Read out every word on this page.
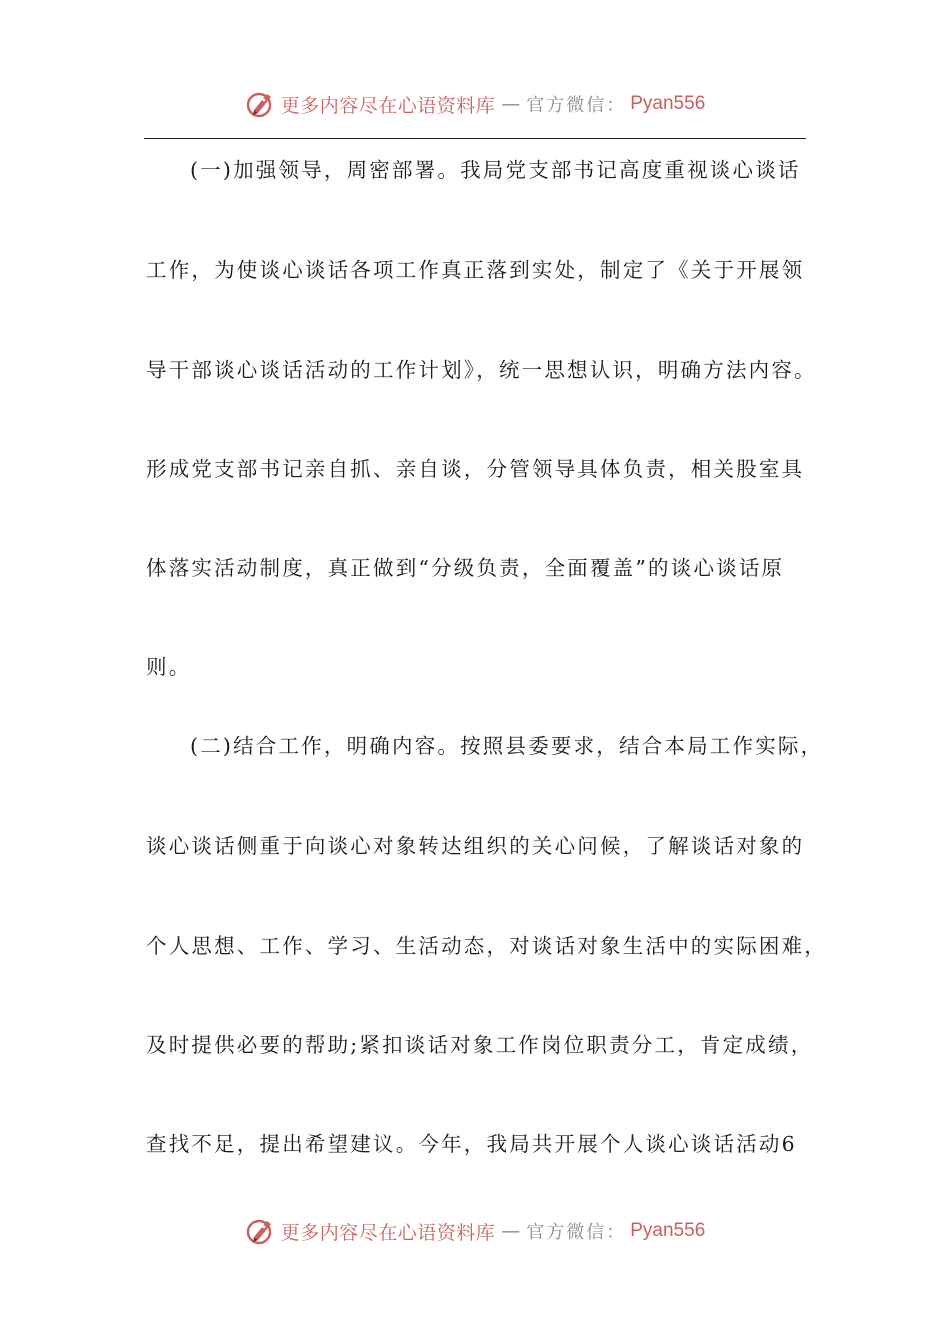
更多内容尽在心语资料库 — 官方微信： Pyan556
(一)加强领导，周密部署。我局党支部书记高度重视谈心谈话
工作，为使谈心谈话各项工作真正落到实处，制定了《关于开展领
导干部谈心谈话活动的工作计划》，统一思想认识，明确方法内容。
形成党支部书记亲自抓、亲自谈，分管领导具体负责，相关股室具
体落实活动制度，真正做到“分级负责，全面覆盖”的谈心谈话原
则。
(二)结合工作，明确内容。按照县委要求，结合本局工作实际，
谈心谈话侧重于向谈心对象转达组织的关心问候，了解谈话对象的
个人思想、工作、学习、生活动态，对谈话对象生活中的实际困难，
及时提供必要的帮助;紧扣谈话对象工作岗位职责分工，肯定成绩，
查找不足，提出希望建议。今年，我局共开展个人谈心谈话活动6
更多内容尽在心语资料库 — 官方微信： Pyan556
